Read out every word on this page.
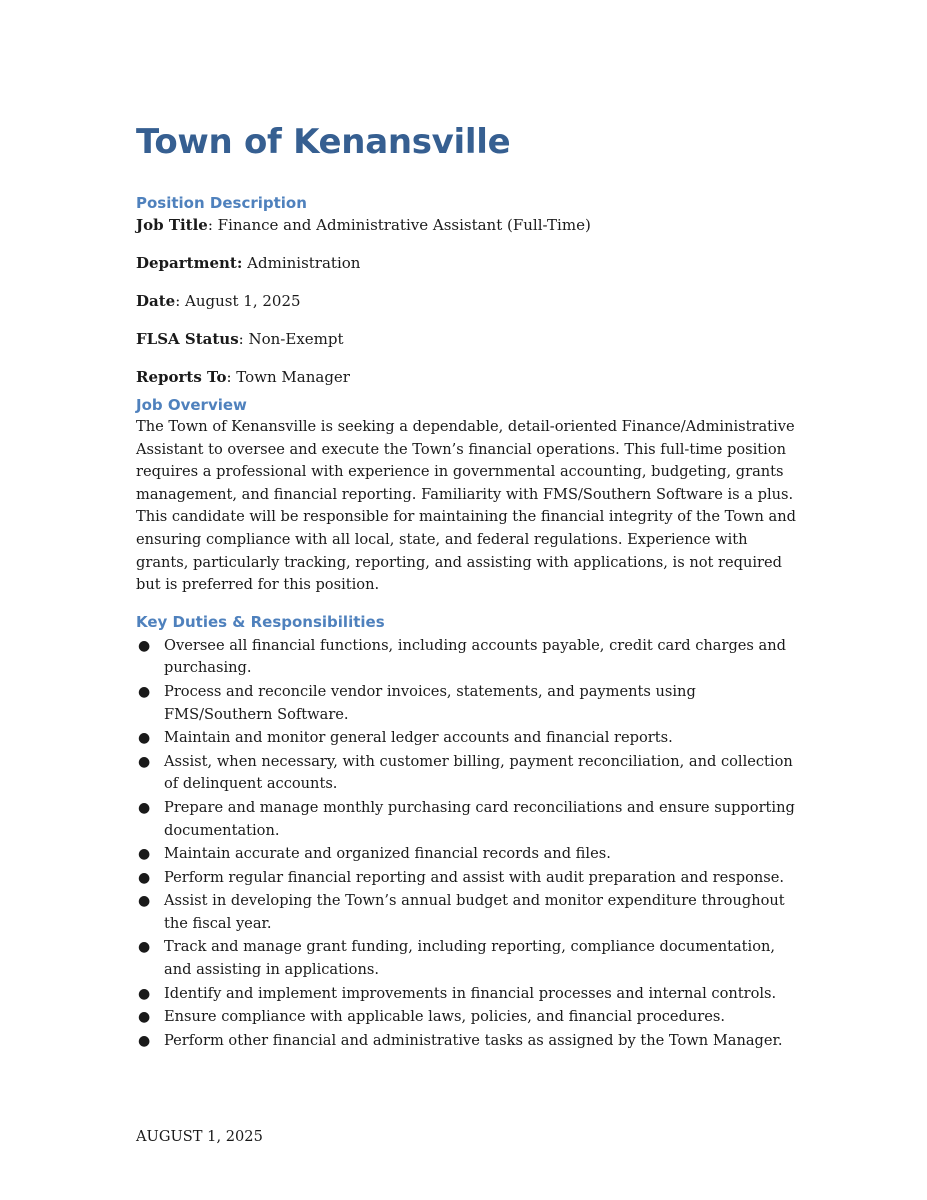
Town of Kenansville
Position Description

Job Title: Finance and Administrative Assistant (Full-Time)

Department: Administration

Date: August 1, 2025

FLSA Status: Non-Exempt

Reports To: Town Manager

Job Overview

The Town of Kenansville is seeking a dependable, detail-oriented Finance/Administrative Assistant to oversee and execute the Town’s financial operations. This full-time position requires a professional with experience in governmental accounting, budgeting, grants management, and financial reporting. Familiarity with FMS/Southern Software is a plus. This candidate will be responsible for maintaining the financial integrity of the Town and ensuring compliance with all local, state, and federal regulations. Experience with grants, particularly tracking, reporting, and assisting with applications, is not required but is preferred for this position.

Key Duties & Responsibilities
● Oversee all financial functions, including accounts payable, credit card charges and purchasing.
● Process and reconcile vendor invoices, statements, and payments using FMS/Southern Software.
● Maintain and monitor general ledger accounts and financial reports.
● Assist, when necessary, with customer billing, payment reconciliation, and collection of delinquent accounts.
● Prepare and manage monthly purchasing card reconciliations and ensure supporting documentation.
● Maintain accurate and organized financial records and files.
● Perform regular financial reporting and assist with audit preparation and response.
● Assist in developing the Town’s annual budget and monitor expenditure throughout the fiscal year.
● Track and manage grant funding, including reporting, compliance documentation, and assisting in applications.
● Identify and implement improvements in financial processes and internal controls.
● Ensure compliance with applicable laws, policies, and financial procedures.
● Perform other financial and administrative tasks as assigned by the Town Manager.
AUGUST 1, 2025
